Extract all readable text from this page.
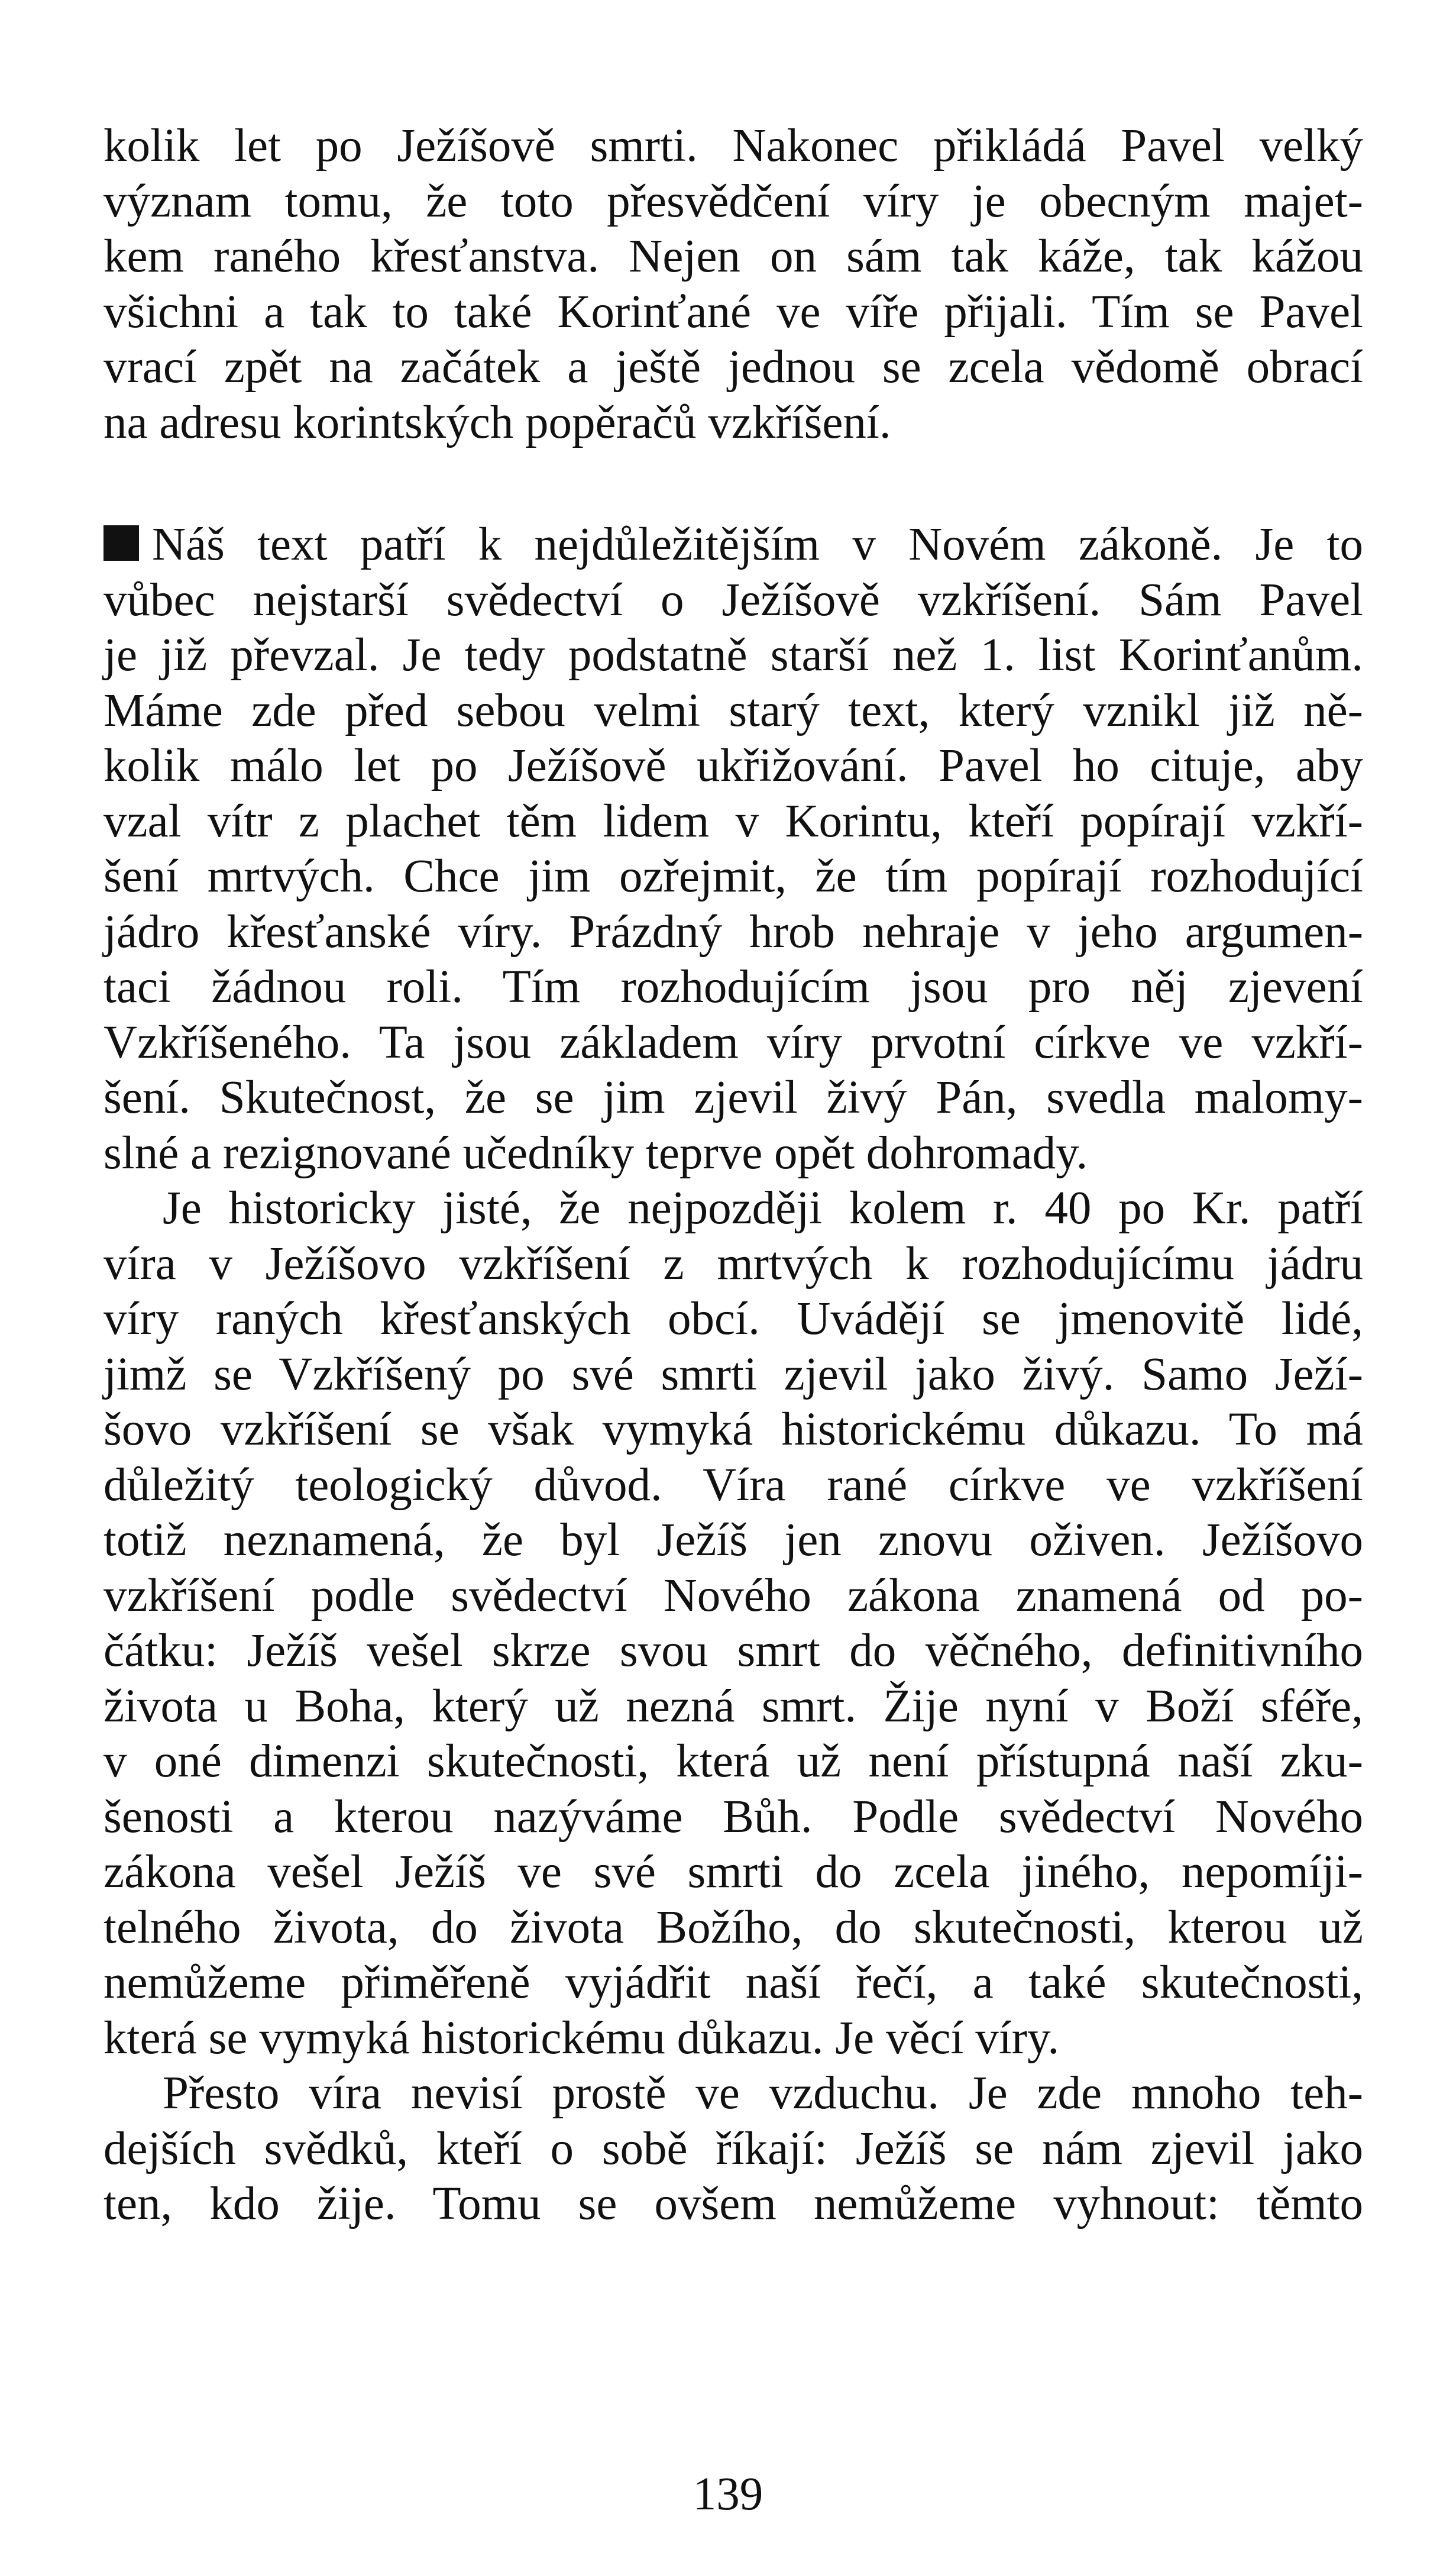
kolik let po Ježíšově smrti. Nakonec přikládá Pavel velký
význam tomu, že toto přesvědčení víry je obecným majet-
kem raného křesťanstva. Nejen on sám tak káže, tak kážou
všichni a tak to také Korinťané ve víře přijali. Tím se Pavel
vrací zpět na začátek a ještě jednou se zcela vědomě obrací
na adresu korintských popěračů vzkříšení.
Náš text patří k nejdůležitějším v Novém zákoně. Je to
vůbec nejstarší svědectví o Ježíšově vzkříšení. Sám Pavel
je již převzal. Je tedy podstatně starší než 1. list Korinťanům.
Máme zde před sebou velmi starý text, který vznikl již ně-
kolik málo let po Ježíšově ukřižování. Pavel ho cituje, aby
vzal vítr z plachet těm lidem v Korintu, kteří popírají vzkří-
šení mrtvých. Chce jim ozřejmit, že tím popírají rozhodující
jádro křesťanské víry. Prázdný hrob nehraje v jeho argumen-
taci žádnou roli. Tím rozhodujícím jsou pro něj zjevení
Vzkříšeného. Ta jsou základem víry prvotní církve ve vzkří-
šení. Skutečnost, že se jim zjevil živý Pán, svedla malomy-
slné a rezignované učedníky teprve opět dohromady.
Je historicky jisté, že nejpozději kolem r. 40 po Kr. patří
víra v Ježíšovo vzkříšení z mrtvých k rozhodujícímu jádru
víry raných křesťanských obcí. Uvádějí se jmenovitě lidé,
jimž se Vzkříšený po své smrti zjevil jako živý. Samo Ježí-
šovo vzkříšení se však vymyká historickému důkazu. To má
důležitý teologický důvod. Víra rané církve ve vzkříšení
totiž neznamená, že byl Ježíš jen znovu oživen. Ježíšovo
vzkříšení podle svědectví Nového zákona znamená od po-
čátku: Ježíš vešel skrze svou smrt do věčného, definitivního
života u Boha, který už nezná smrt. Žije nyní v Boží sféře,
v oné dimenzi skutečnosti, která už není přístupná naší zku-
šenosti a kterou nazýváme Bůh. Podle svědectví Nového
zákona vešel Ježíš ve své smrti do zcela jiného, nepomíji-
telného života, do života Božího, do skutečnosti, kterou už
nemůžeme přiměřeně vyjádřit naší řečí, a také skutečnosti,
která se vymyká historickému důkazu. Je věcí víry.
Přesto víra nevisí prostě ve vzduchu. Je zde mnoho teh-
dejších svědků, kteří o sobě říkají: Ježíš se nám zjevil jako
ten, kdo žije. Tomu se ovšem nemůžeme vyhnout: těmto
139
